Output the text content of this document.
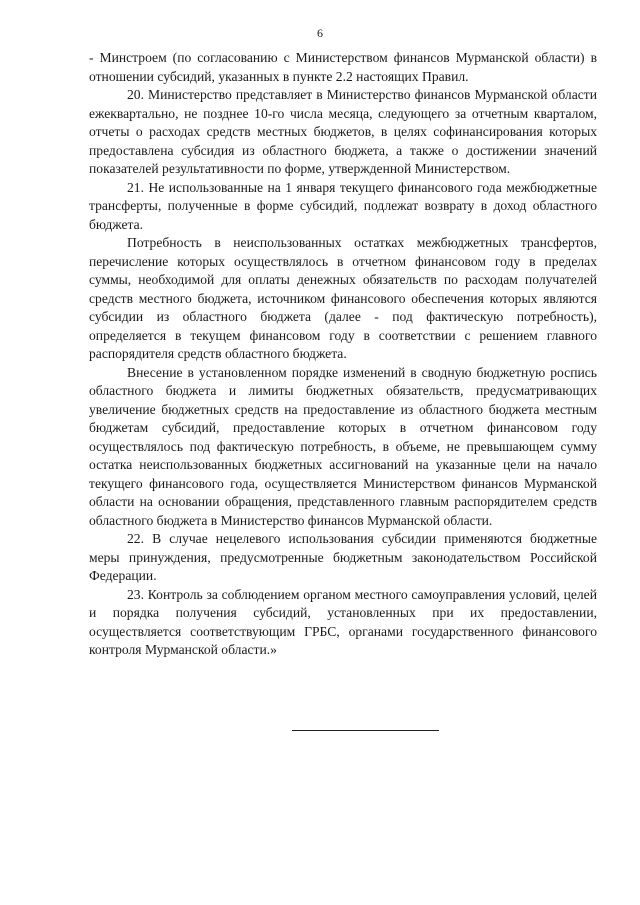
6

- Минстроем (по согласованию с Министерством финансов Мурманской области) в отношении субсидий, указанных в пункте 2.2 настоящих Правил.

20. Министерство представляет в Министерство финансов Мурманской области ежеквартально, не позднее 10-го числа месяца, следующего за отчетным кварталом, отчеты о расходах средств местных бюджетов, в целях софинансирования которых предоставлена субсидия из областного бюджета, а также о достижении значений показателей результативности по форме, утвержденной Министерством.

21. Не использованные на 1 января текущего финансового года межбюджетные трансферты, полученные в форме субсидий, подлежат возврату в доход областного бюджета.

Потребность в неиспользованных остатках межбюджетных трансфертов, перечисление которых осуществлялось в отчетном финансовом году в пределах суммы, необходимой для оплаты денежных обязательств по расходам получателей средств местного бюджета, источником финансового обеспечения которых являются субсидии из областного бюджета (далее - под фактическую потребность), определяется в текущем финансовом году в соответствии с решением главного распорядителя средств областного бюджета.

Внесение в установленном порядке изменений в сводную бюджетную роспись областного бюджета и лимиты бюджетных обязательств, предусматривающих увеличение бюджетных средств на предоставление из областного бюджета местным бюджетам субсидий, предоставление которых в отчетном финансовом году осуществлялось под фактическую потребность, в объеме, не превышающем сумму остатка неиспользованных бюджетных ассигнований на указанные цели на начало текущего финансового года, осуществляется Министерством финансов Мурманской области на основании обращения, представленного главным распорядителем средств областного бюджета в Министерство финансов Мурманской области.

22. В случае нецелевого использования субсидии применяются бюджетные меры принуждения, предусмотренные бюджетным законодательством Российской Федерации.

23. Контроль за соблюдением органом местного самоуправления условий, целей и порядка получения субсидий, установленных при их предоставлении, осуществляется соответствующим ГРБС, органами государственного финансового контроля Мурманской области.»
